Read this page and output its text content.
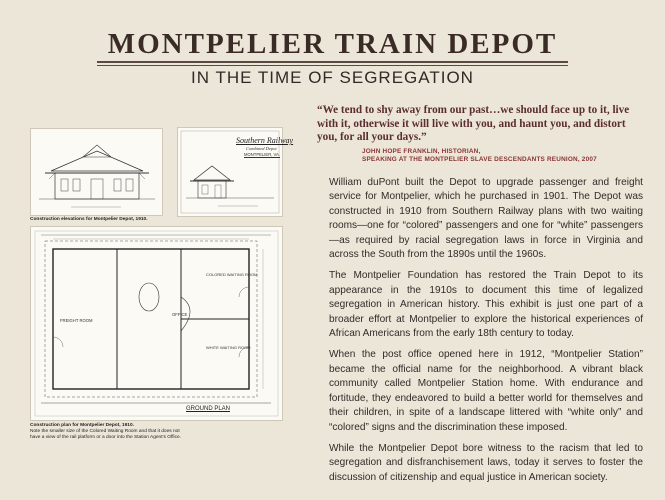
MONTPELIER TRAIN DEPOT
IN THE TIME OF SEGREGATION
Southern Railway
Combined Depot
MONTPELIER, VA.
Construction elevations for Montpelier Depot, 1910.
FREIGHT ROOM
OFFICE
COLORED WAITING ROOM
WHITE WAITING ROOM
GROUND PLAN
Construction plan for Montpelier Depot, 1910.
Note the smaller size of the Colored Waiting Room and that it does not
have a view of the rail platform or a door into the Station Agent’s Office.
“We tend to shy away from our past…we should face up to it, live with it, otherwise it will live with you, and haunt you, and distort you, for all your days.”
JOHN HOPE FRANKLIN, HISTORIAN,
SPEAKING AT THE MONTPELIER SLAVE DESCENDANTS REUNION, 2007

William duPont built the Depot to upgrade passenger and freight service for Montpelier, which he purchased in 1901. The Depot was constructed in 1910 from Southern Railway plans with two waiting rooms—one for “colored” passengers and one for “white” passengers—as required by racial segregation laws in force in Virginia and across the South from the 1890s until the 1960s.

The Montpelier Foundation has restored the Train Depot to its appearance in the 1910s to document this time of legalized segregation in American history. This exhibit is just one part of a broader effort at Montpelier to explore the historical experiences of African Americans from the early 18th century to today.

When the post office opened here in 1912, “Montpelier Station” became the official name for the neighborhood. A vibrant black community called Montpelier Station home. With endurance and fortitude, they endeavored to build a better world for themselves and their children, in spite of a landscape littered with “white only” and “colored” signs and the discrimination these imposed.

While the Montpelier Depot bore witness to the racism that led to segregation and disfranchisement laws, today it serves to foster the discussion of citizenship and equal justice in American society.
